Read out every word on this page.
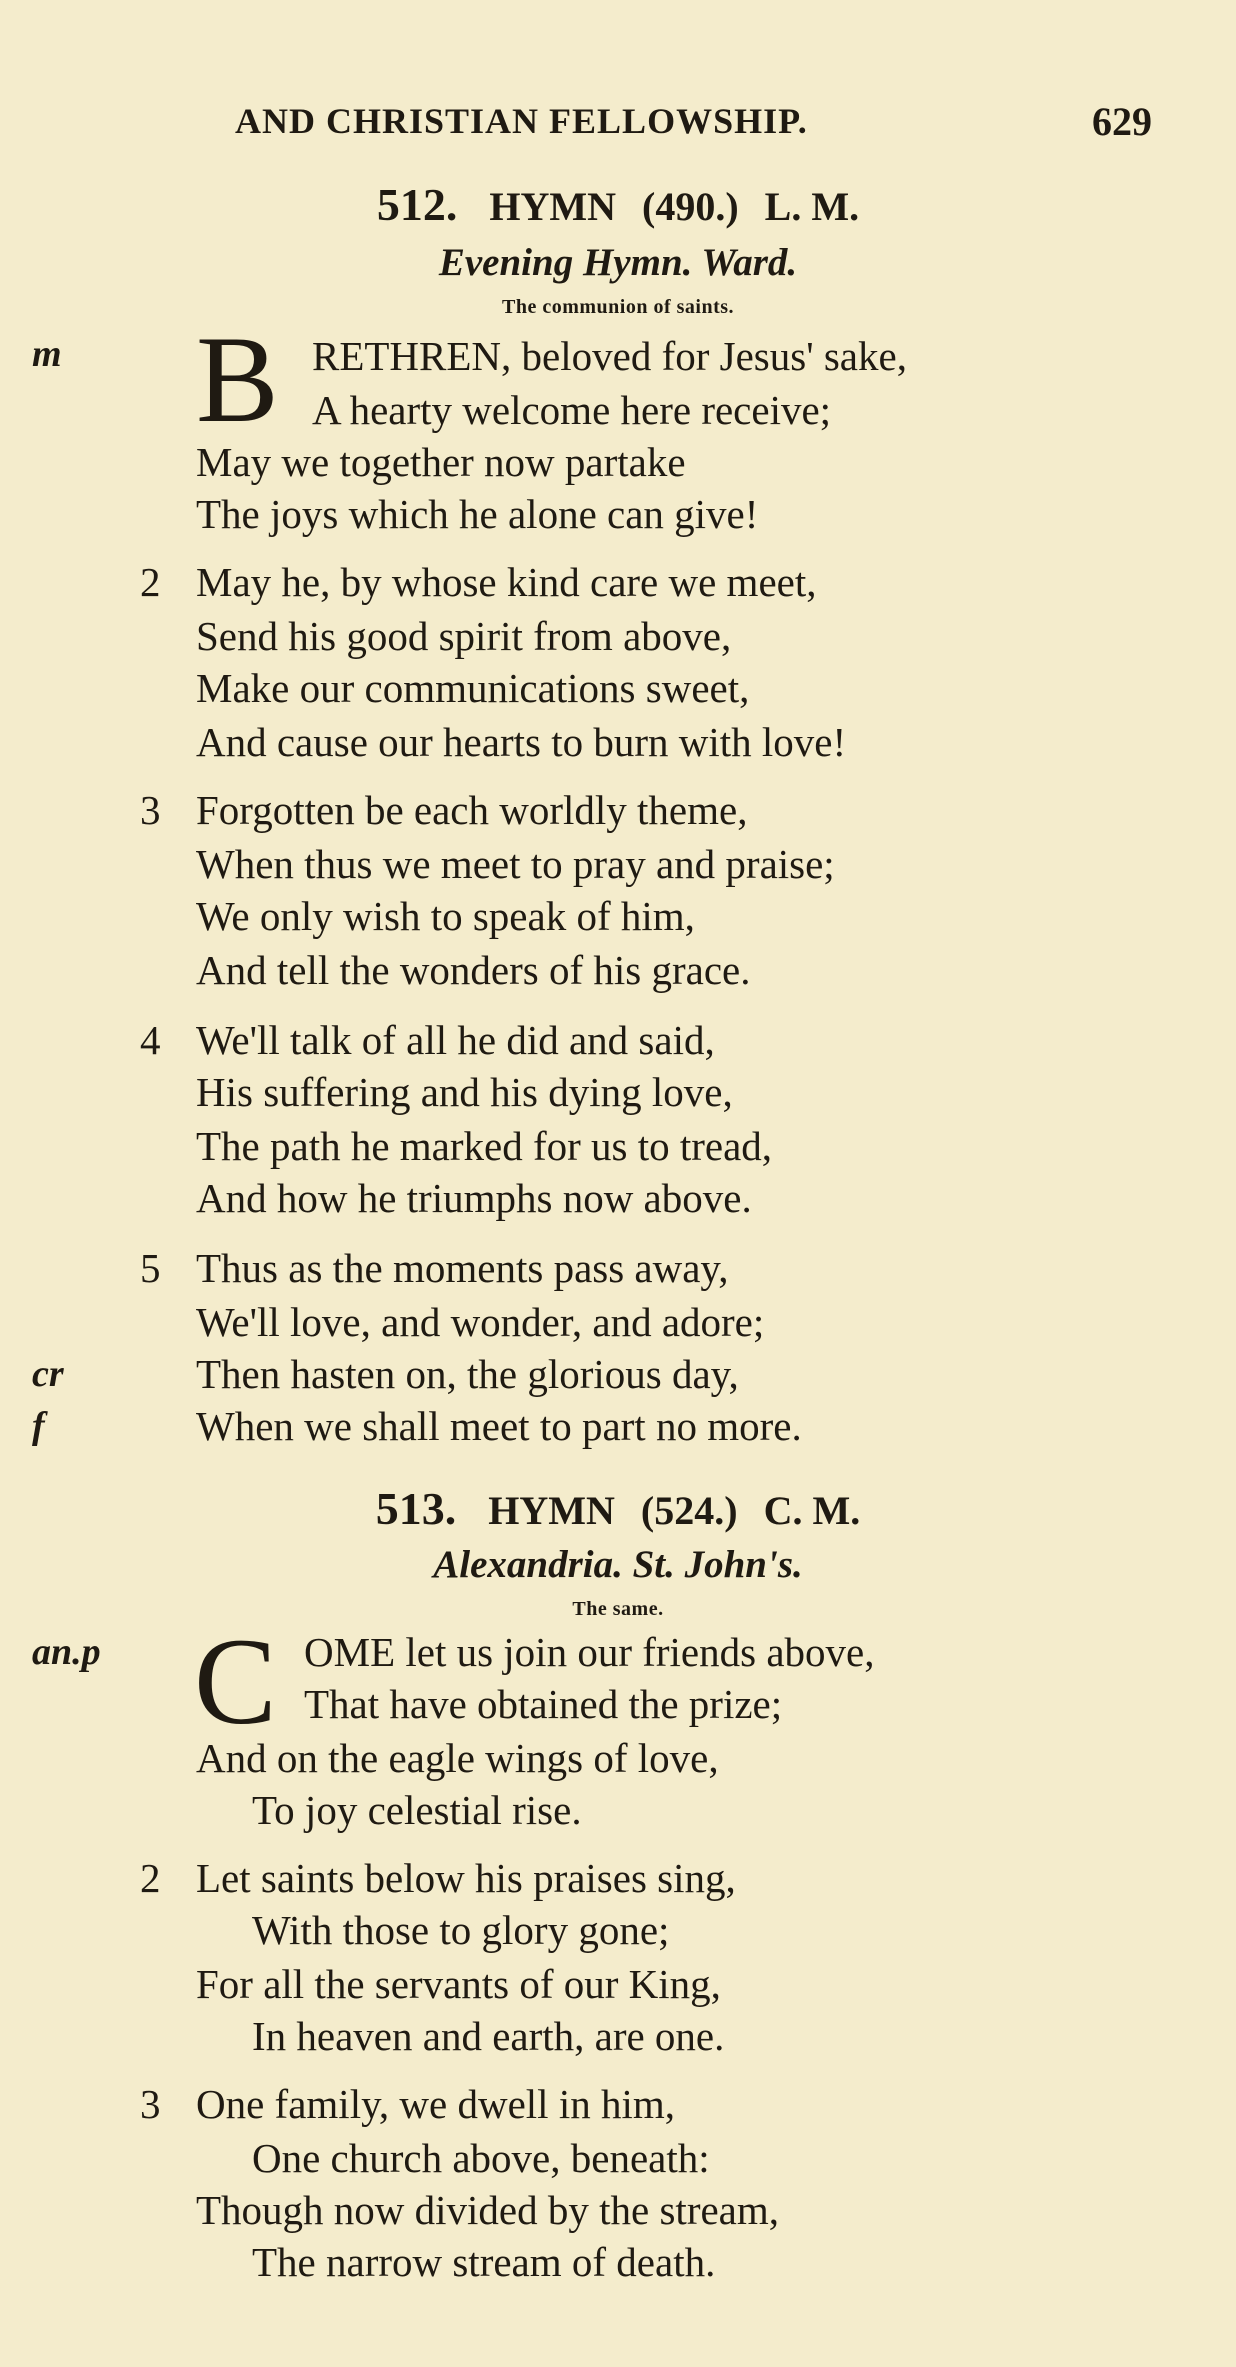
AND CHRISTIAN FELLOWSHIP.	629
512. HYMN (490.) L. M.
Evening Hymn. Ward.
The communion of saints.
m B RETHREN, beloved for Jesus' sake,
A hearty welcome here receive;
May we together now partake
The joys which he alone can give!
2 May he, by whose kind care we meet,
Send his good spirit from above,
Make our communications sweet,
And cause our hearts to burn with love!
3 Forgotten be each worldly theme,
When thus we meet to pray and praise;
We only wish to speak of him,
And tell the wonders of his grace.
4 We'll talk of all he did and said,
His suffering and his dying love,
The path he marked for us to tread,
And how he triumphs now above.
5 Thus as the moments pass away,
We'll love, and wonder, and adore;
cr	Then hasten on, the glorious day,
f	When we shall meet to part no more.
513. HYMN (524.) C. M.
Alexandria. St. John's.
The same.
an.p C OME let us join our friends above,
That have obtained the prize;
And on the eagle wings of love,
To joy celestial rise.
2 Let saints below his praises sing,
With those to glory gone;
For all the servants of our King,
In heaven and earth, are one.
3 One family, we dwell in him,
One church above, beneath:
Though now divided by the stream,
The narrow stream of death.
